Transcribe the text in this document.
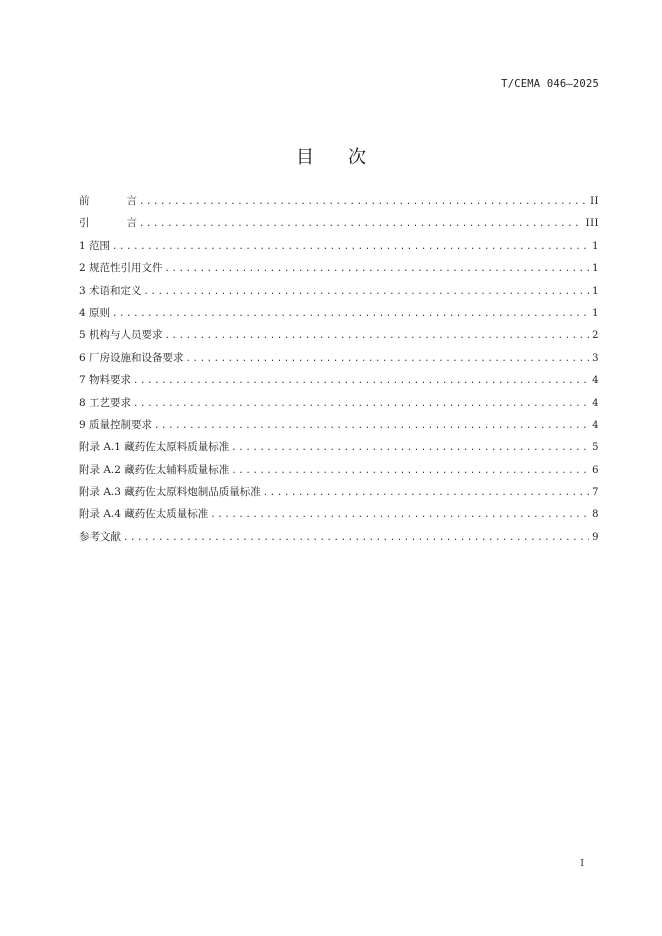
T/CEMA 046—2025
目次
前	言 .....	II
引	言 .....	III
1 范围 .....	1
2 规范性引用文件 .....	1
3 术语和定义 .....	1
4 原则 .....	1
5 机构与人员要求 .....	2
6 厂房设施和设备要求 .....	3
7 物料要求 .....	4
8 工艺要求 .....	4
9 质量控制要求 .....	4
附录 A.1 藏药佐太原料质量标准 .....	5
附录 A.2 藏药佐太辅料质量标准 .....	6
附录 A.3 藏药佐太原料炮制品质量标准 .....	7
附录 A.4 藏药佐太质量标准 .....	8
参考文献 .....	9
I
